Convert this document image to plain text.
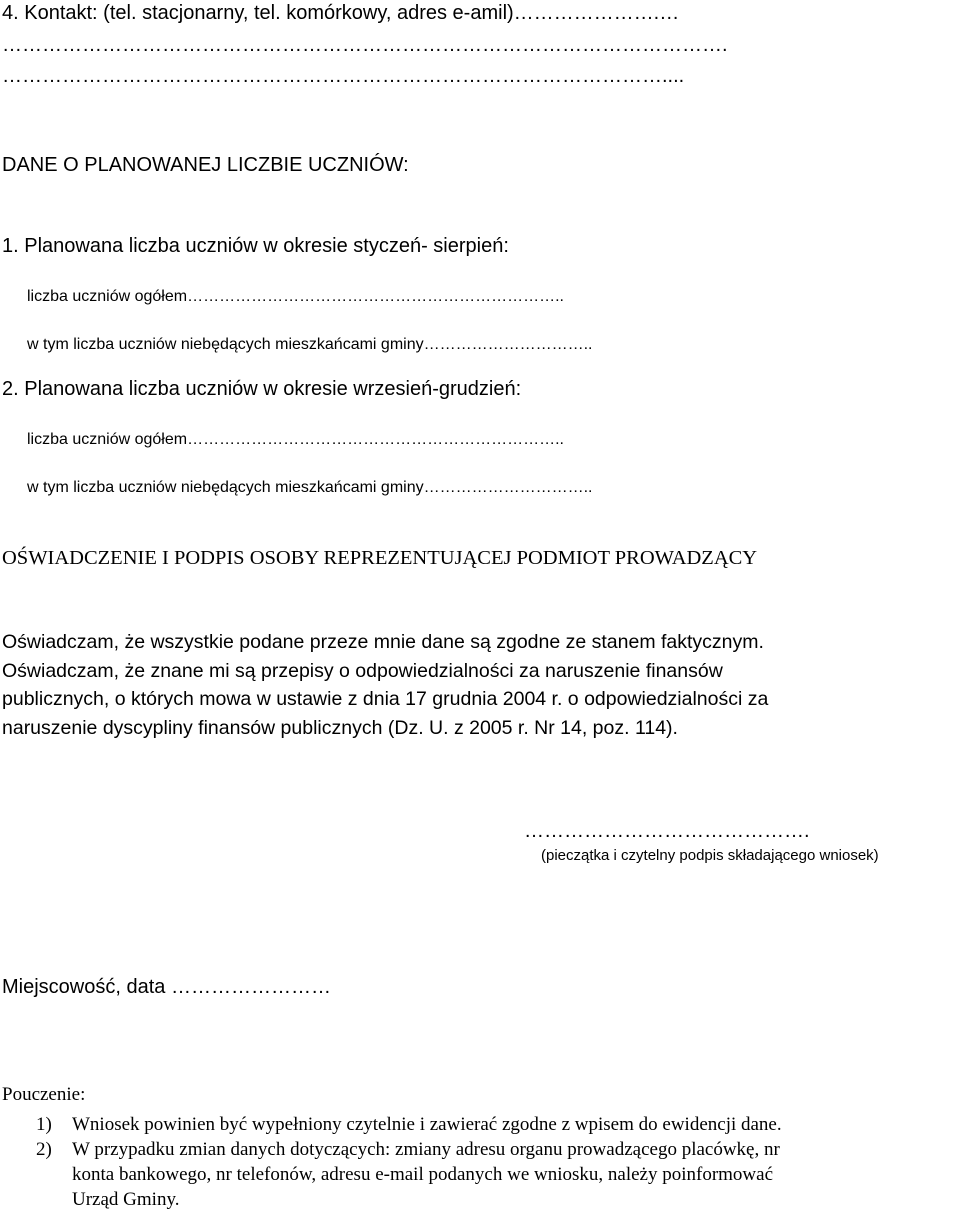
4. Kontakt: (tel. stacjonarny, tel. komórkowy, adres e-amil)………………….…
……………………………………………………………………………………………….
………………………………………………………………………………………....
DANE O PLANOWANEJ LICZBIE UCZNIÓW:
1. Planowana liczba uczniów w okresie styczeń- sierpień:
liczba uczniów ogółem……………………………………………………………..
w tym liczba uczniów niebędących mieszkańcami gminy…………………………..
2. Planowana liczba uczniów w okresie wrzesień-grudzień:
liczba uczniów ogółem……………………………………………………………..
w tym liczba uczniów niebędących mieszkańcami gminy…………………………..
OŚWIADCZENIE I PODPIS OSOBY REPREZENTUJĄCEJ PODMIOT PROWADZĄCY
Oświadczam, że wszystkie podane przeze mnie dane są zgodne ze stanem faktycznym.
Oświadczam, że znane mi są przepisy o odpowiedzialności za naruszenie finansów
publicznych, o których mowa w ustawie z dnia 17 grudnia 2004 r. o odpowiedzialności za
naruszenie dyscypliny finansów publicznych (Dz. U. z 2005 r. Nr 14, poz. 114).
…………………………………….
(pieczątka i czytelny podpis składającego wniosek)
Miejscowość, data ……………………
Pouczenie:
1) Wniosek powinien być wypełniony czytelnie i zawierać zgodne z wpisem do ewidencji dane.
2) W przypadku zmian danych dotyczących: zmiany adresu organu prowadzącego placówkę, nr
konta bankowego, nr telefonów, adresu e-mail podanych we wniosku, należy poinformować
Urząd Gminy.
